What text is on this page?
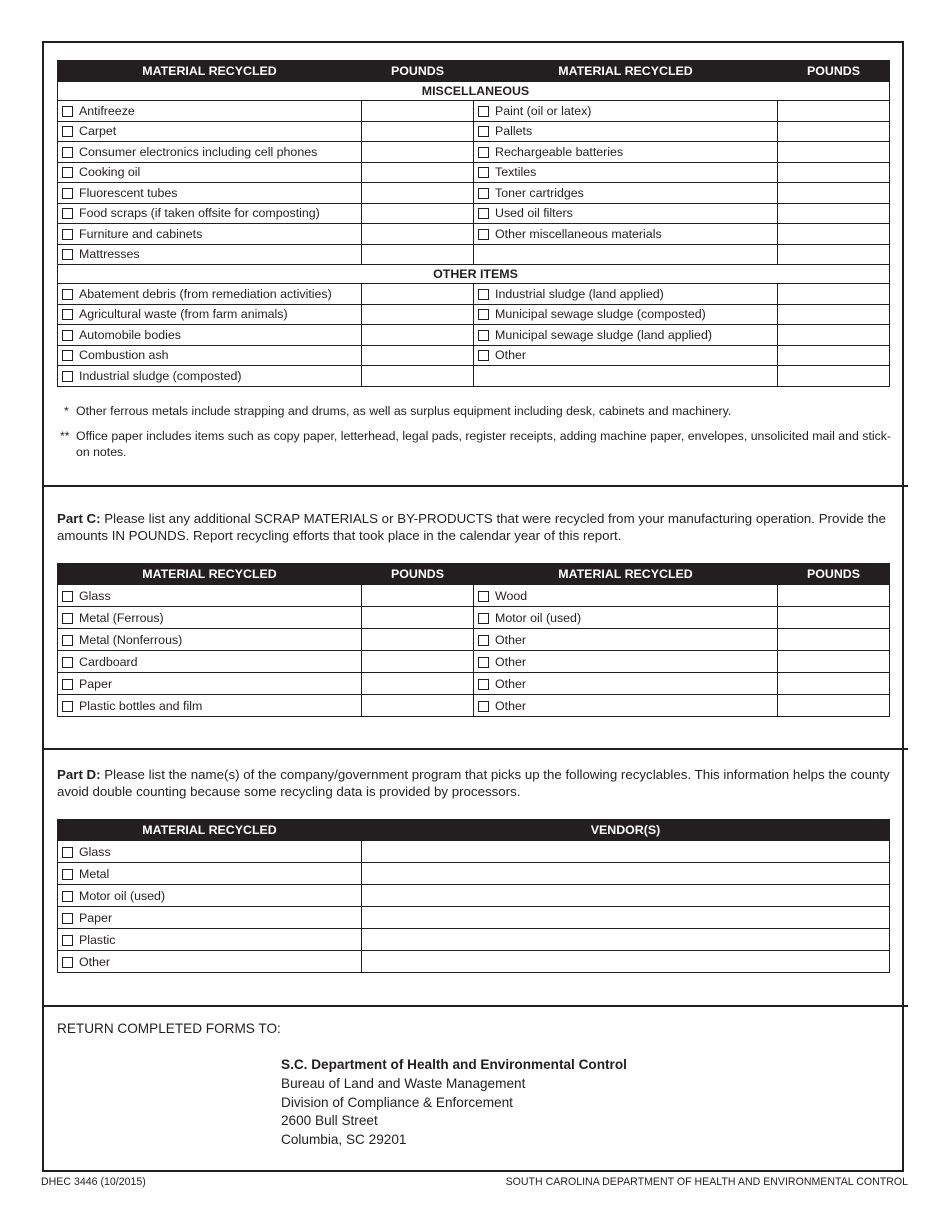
MATERIAL RECYCLED	POUNDS	MATERIAL RECYCLED	POUNDS
MISCELLANEOUS			
Antifreeze		Paint (oil or latex)	
Carpet		Pallets	
Consumer electronics including cell phones		Rechargeable batteries	
Cooking oil		Textiles	
Fluorescent tubes		Toner cartridges	
Food scraps (if taken offsite for composting)		Used oil filters	
Furniture and cabinets		Other miscellaneous materials	
Mattresses			
OTHER ITEMS			
Abatement debris (from remediation activities)		Industrial sludge (land applied)	
Agricultural waste (from farm animals)		Municipal sewage sludge (composted)	
Automobile bodies		Municipal sewage sludge (land applied)	
Combustion ash		Other	
Industrial sludge (composted)			
* Other ferrous metals include strapping and drums, as well as surplus equipment including desk, cabinets and machinery.
** Office paper includes items such as copy paper, letterhead, legal pads, register receipts, adding machine paper, envelopes, unsolicited mail and stick-on notes.
Part C: Please list any additional SCRAP MATERIALS or BY-PRODUCTS that were recycled from your manufacturing operation. Provide the amounts IN POUNDS. Report recycling efforts that took place in the calendar year of this report.
MATERIAL RECYCLED	POUNDS	MATERIAL RECYCLED	POUNDS
Glass		Wood	
Metal (Ferrous)		Motor oil (used)	
Metal (Nonferrous)		Other	
Cardboard		Other	
Paper		Other	
Plastic bottles and film		Other	
Part D: Please list the name(s) of the company/government program that picks up the following recyclables. This information helps the county avoid double counting because some recycling data is provided by processors.
MATERIAL RECYCLED	VENDOR(S)
Glass	
Metal	
Motor oil (used)	
Paper	
Plastic	
Other	
RETURN COMPLETED FORMS TO:
S.C. Department of Health and Environmental Control
Bureau of Land and Waste Management
Division of Compliance & Enforcement
2600 Bull Street
Columbia, SC 29201
DHEC 3446 (10/2015)	SOUTH CAROLINA DEPARTMENT OF HEALTH AND ENVIRONMENTAL CONTROL
